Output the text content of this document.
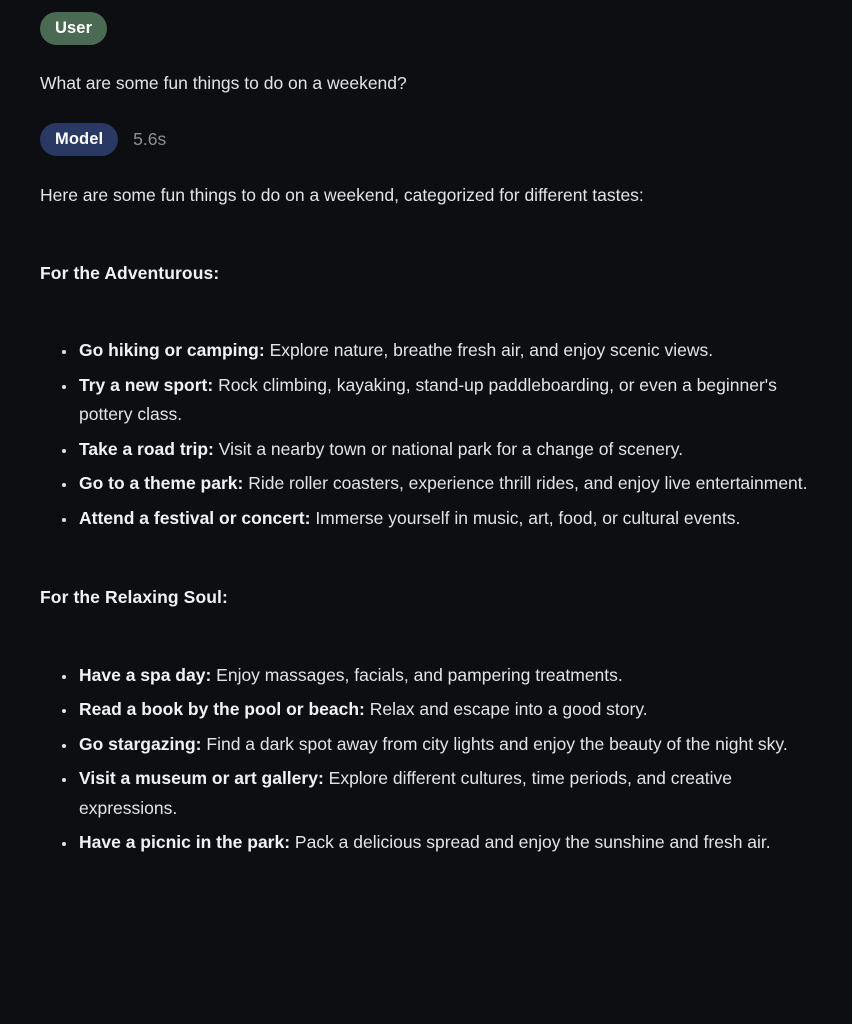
User
What are some fun things to do on a weekend?
Model	5.6s
Here are some fun things to do on a weekend, categorized for different tastes:
For the Adventurous:
• Go hiking or camping: Explore nature, breathe fresh air, and enjoy scenic views.
• Try a new sport: Rock climbing, kayaking, stand-up paddleboarding, or even a beginner's pottery class.
• Take a road trip: Visit a nearby town or national park for a change of scenery.
• Go to a theme park: Ride roller coasters, experience thrill rides, and enjoy live entertainment.
• Attend a festival or concert: Immerse yourself in music, art, food, or cultural events.
For the Relaxing Soul:
• Have a spa day: Enjoy massages, facials, and pampering treatments.
• Read a book by the pool or beach: Relax and escape into a good story.
• Go stargazing: Find a dark spot away from city lights and enjoy the beauty of the night sky.
• Visit a museum or art gallery: Explore different cultures, time periods, and creative expressions.
• Have a picnic in the park: Pack a delicious spread and enjoy the sunshine and fresh air.
